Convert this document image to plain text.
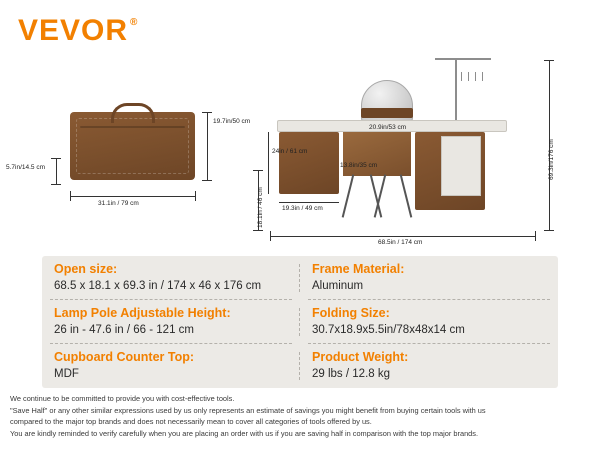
VEVOR ®
31.1in / 79 cm
19.7in/50 cm
5.7in/14.5 cm
20.9in/53 cm
69.3in/176 cm
24in / 61 cm
13.8in/35 cm
19.3in / 49 cm
18.1in / 46 cm
68.5in / 174 cm
Open size:
68.5 x 18.1 x 69.3 in / 174 x 46 x 176 cm
Frame Material:
Aluminum
Lamp Pole Adjustable Height:
26 in - 47.6 in / 66 - 121 cm
Folding Size:
30.7x18.9x5.5in/78x48x14 cm
Cupboard Counter Top:
MDF
Product Weight:
29 lbs / 12.8 kg

We continue to be committed to provide you with cost-effective tools.

"Save Half" or any other similar expressions used by us only represents an estimate of savings you might benefit from buying certain tools with us

compared to the major top brands and does not necessarily mean to cover all categories of tools offered by us.

You are kindly reminded to verify carefully when you are placing an order with us if you are saving half in comparison with the top major brands.
